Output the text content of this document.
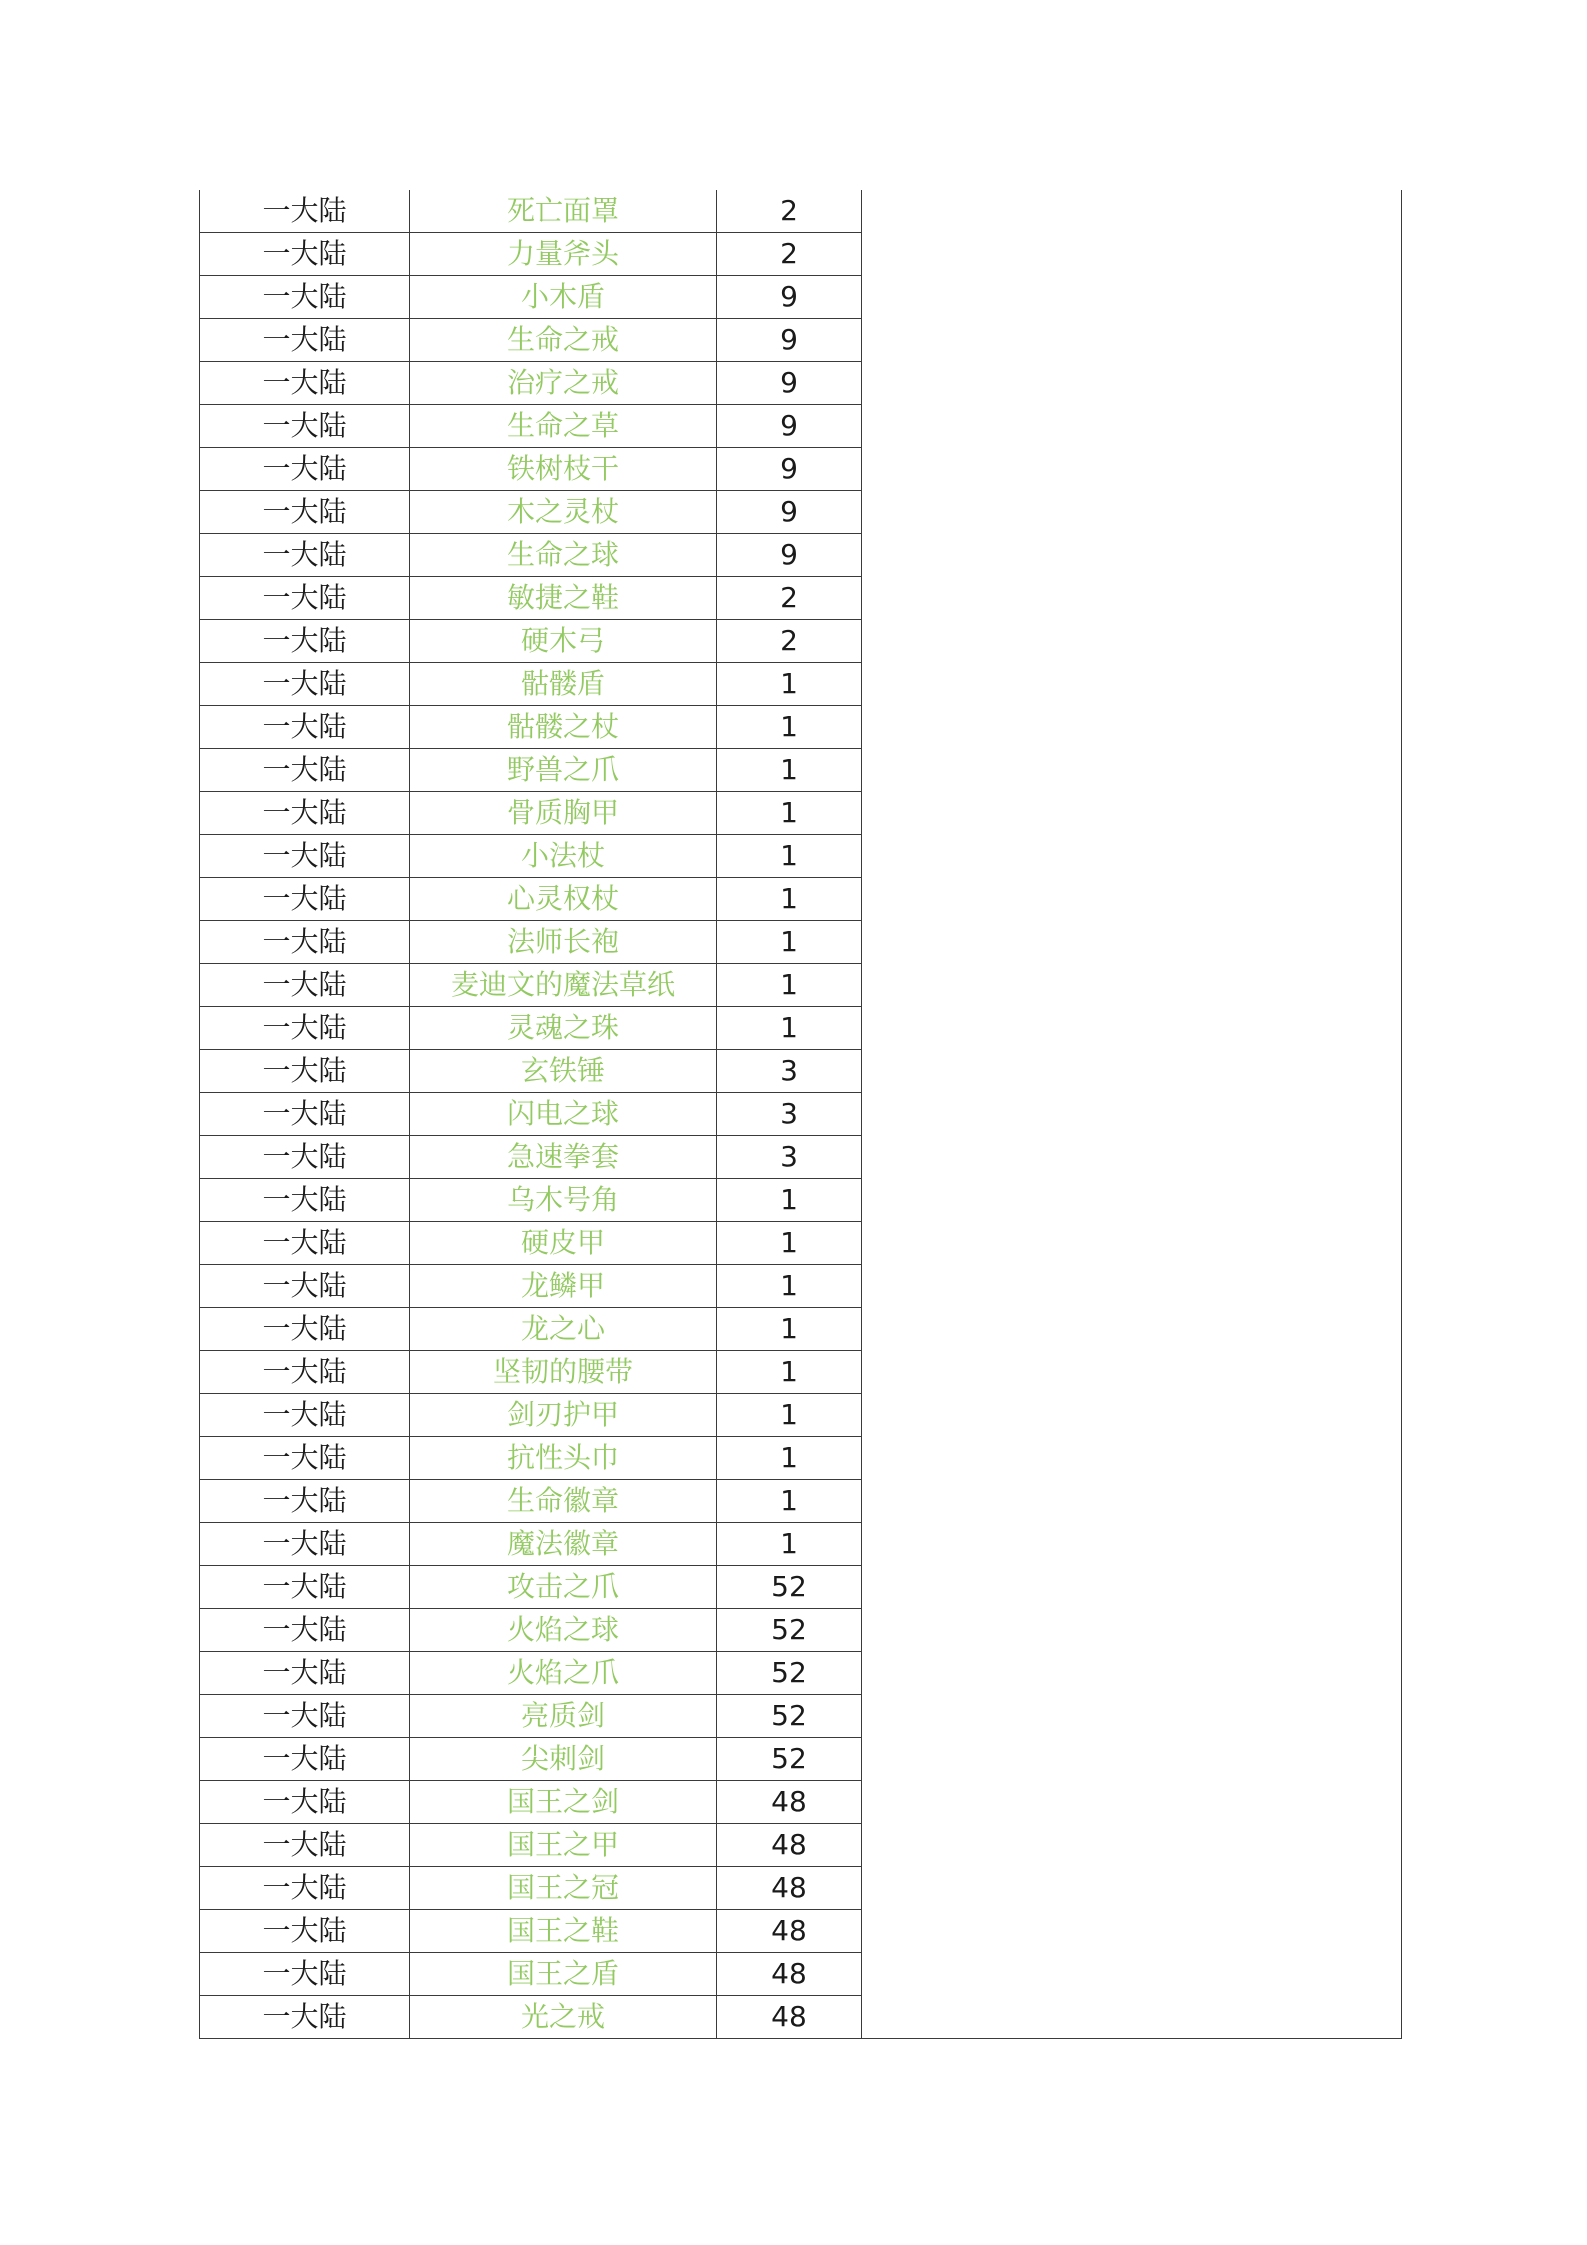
一大陆	死亡面罩	2	
一大陆	力量斧头	2	
一大陆	小木盾	9	
一大陆	生命之戒	9	
一大陆	治疗之戒	9	
一大陆	生命之草	9	
一大陆	铁树枝干	9	
一大陆	木之灵杖	9	
一大陆	生命之球	9	
一大陆	敏捷之鞋	2	
一大陆	硬木弓	2	
一大陆	骷髅盾	1	
一大陆	骷髅之杖	1	
一大陆	野兽之爪	1	
一大陆	骨质胸甲	1	
一大陆	小法杖	1	
一大陆	心灵权杖	1	
一大陆	法师长袍	1	
一大陆	麦迪文的魔法草纸	1	
一大陆	灵魂之珠	1	
一大陆	玄铁锤	3	
一大陆	闪电之球	3	
一大陆	急速拳套	3	
一大陆	乌木号角	1	
一大陆	硬皮甲	1	
一大陆	龙鳞甲	1	
一大陆	龙之心	1	
一大陆	坚韧的腰带	1	
一大陆	剑刃护甲	1	
一大陆	抗性头巾	1	
一大陆	生命徽章	1	
一大陆	魔法徽章	1	
一大陆	攻击之爪	52	
一大陆	火焰之球	52	
一大陆	火焰之爪	52	
一大陆	亮质剑	52	
一大陆	尖刺剑	52	
一大陆	国王之剑	48	
一大陆	国王之甲	48	
一大陆	国王之冠	48	
一大陆	国王之鞋	48	
一大陆	国王之盾	48	
一大陆	光之戒	48	
